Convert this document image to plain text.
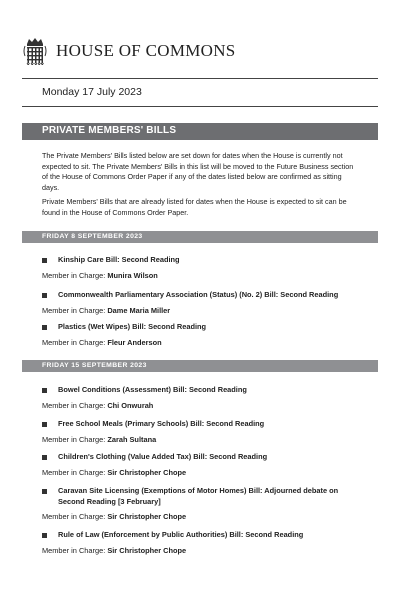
HOUSE OF COMMONS
Monday 17 July 2023
PRIVATE MEMBERS' BILLS
The Private Members' Bills listed below are set down for dates when the House is currently not expected to sit. The Private Members' Bills in this list will be moved to the Future Business section of the House of Commons Order Paper if any of the dates listed below are confirmed as sitting days.
Private Members' Bills that are already listed for dates when the House is expected to sit can be found in the House of Commons Order Paper.
FRIDAY 8 SEPTEMBER 2023
Kinship Care Bill: Second Reading
Member in Charge: Munira Wilson
Commonwealth Parliamentary Association (Status) (No. 2) Bill: Second Reading
Member in Charge: Dame Maria Miller
Plastics (Wet Wipes) Bill: Second Reading
Member in Charge: Fleur Anderson
FRIDAY 15 SEPTEMBER 2023
Bowel Conditions (Assessment) Bill: Second Reading
Member in Charge: Chi Onwurah
Free School Meals (Primary Schools) Bill: Second Reading
Member in Charge: Zarah Sultana
Children's Clothing (Value Added Tax) Bill: Second Reading
Member in Charge: Sir Christopher Chope
Caravan Site Licensing (Exemptions of Motor Homes) Bill: Adjourned debate on Second Reading [3 February]
Member in Charge: Sir Christopher Chope
Rule of Law (Enforcement by Public Authorities) Bill: Second Reading
Member in Charge: Sir Christopher Chope
